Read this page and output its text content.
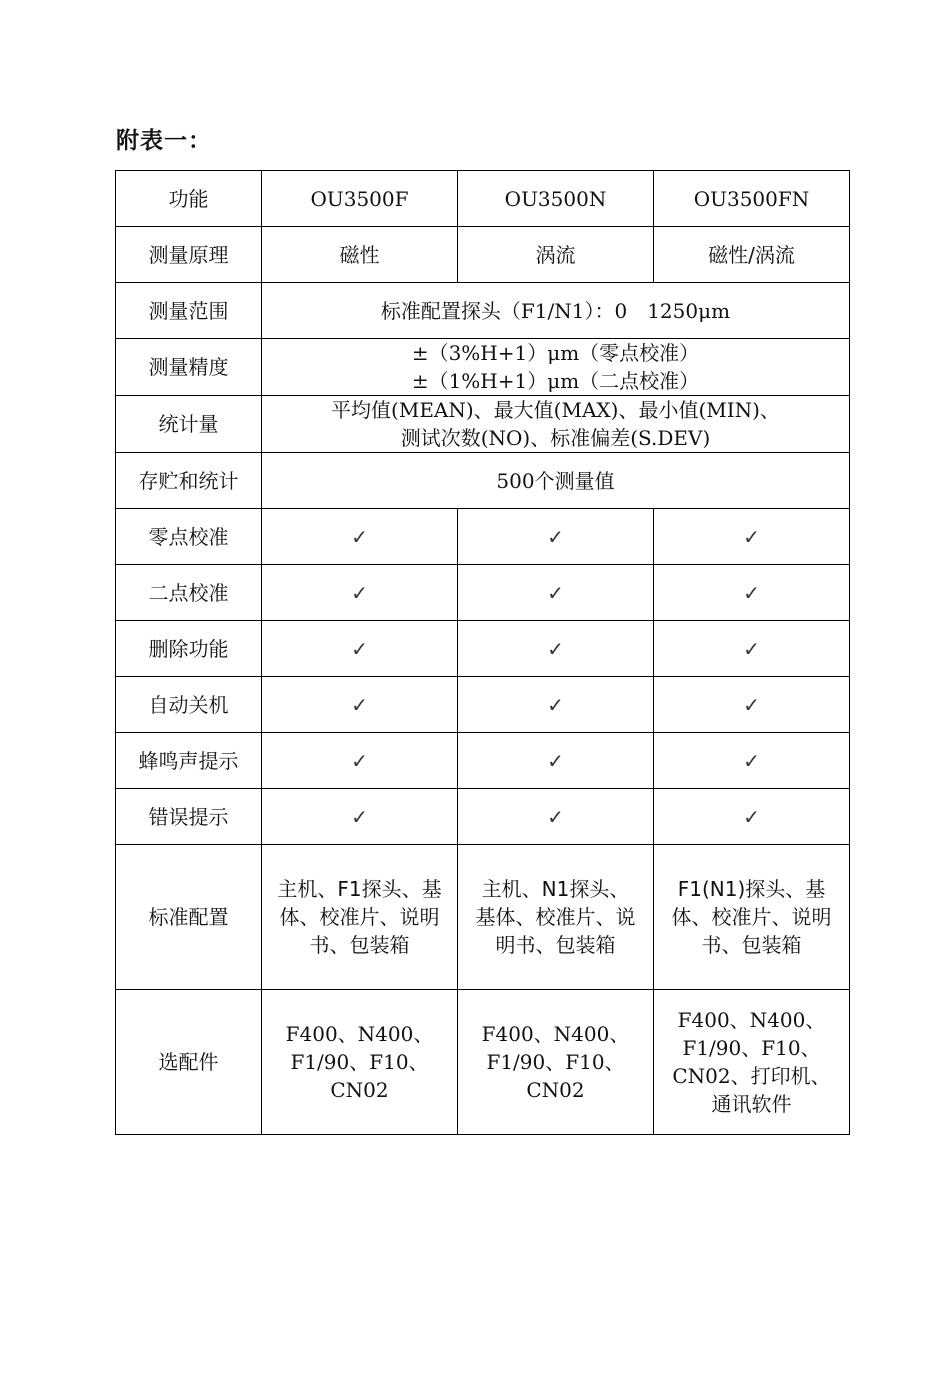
附表一：
功能	OU3500F	OU3500N	OU3500FN
测量原理	磁性	涡流	磁性/涡流
测量范围	标准配置探头（F1/N1）：0　1250μm		
测量精度	±（3%H+1）μm（零点校准）
±（1%H+1）μm（二点校准）		

统计量	平均值(MEAN)、最大值(MAX)、最小值(MIN)、
测试次数(NO)、标准偏差(S.DEV)		

存贮和统计	500个测量值		
零点校准	✓	✓	✓
二点校准	✓	✓	✓
删除功能	✓	✓	✓
自动关机	✓	✓	✓
蜂鸣声提示	✓	✓	✓
错误提示	✓	✓	✓
标准配置	主机、F1探头、基
体、校准片、说明
书、包装箱	主机、N1探头、
基体、校准片、说
明书、包装箱	F1(N1)探头、基
体、校准片、说明
书、包装箱

选配件	F400、N400、
F1/90、F10、
CN02	F400、N400、
F1/90、F10、
CN02	F400、N400、
F1/90、F10、
CN02、打印机、
通讯软件
